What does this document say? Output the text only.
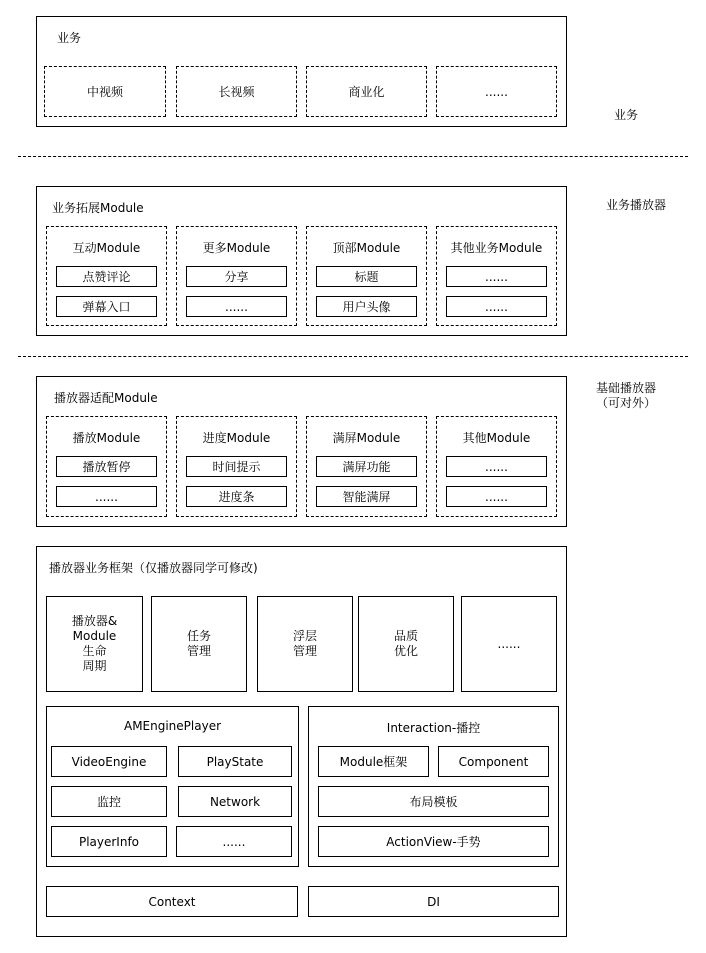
业务
中视频	长视频	商业化	......
业务
业务拓展Module	业务播放器
互动Module
点赞评论
弹幕入口
更多Module
分享
......
顶部Module
标题
用户头像
其他业务Module
......
......
播放器适配Module
基础播放器
（可对外）
播放Module
播放暂停
......
进度Module
时间提示
进度条
满屏Module
满屏功能
智能满屏
其他Module
......
......
播放器业务框架（仅播放器同学可修改)
播放器&
Module
生命
周期
任务
管理
浮层
管理
品质
优化
......
AMEnginePlayer
VideoEngine	PlayState
监控	Network
PlayerInfo	......
Interaction-播控
Module框架	Component
布局模板
ActionView-手势
Context	DI
